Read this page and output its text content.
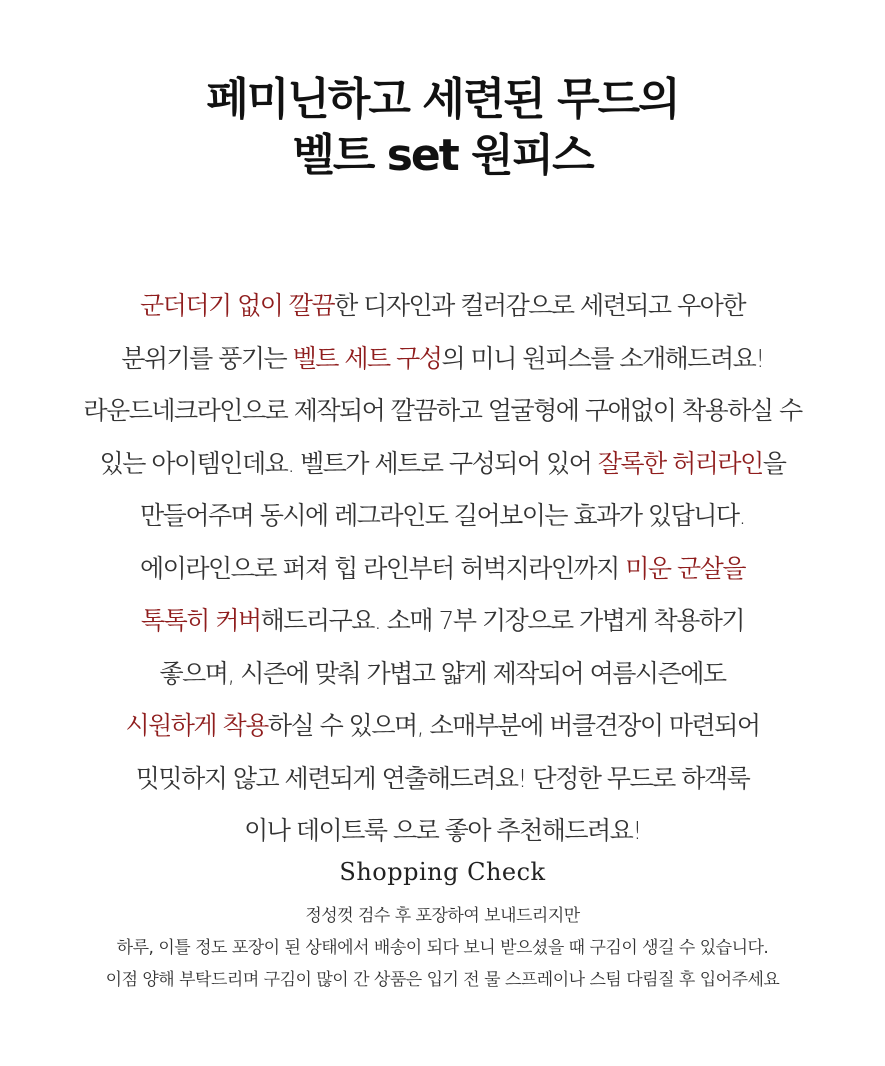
페미닌하고 세련된 무드의
벨트 set 원피스
군더더기 없이 깔끔한 디자인과 컬러감으로 세련되고 우아한
분위기를 풍기는 벨트 세트 구성의 미니 원피스를 소개해드려요!
라운드네크라인으로 제작되어 깔끔하고 얼굴형에 구애없이 착용하실 수
있는 아이템인데요. 벨트가 세트로 구성되어 있어 잘록한 허리라인을
만들어주며 동시에 레그라인도 길어보이는 효과가 있답니다.
에이라인으로 퍼져 힙 라인부터 허벅지라인까지 미운 군살을
톡톡히 커버해드리구요. 소매 7부 기장으로 가볍게 착용하기
좋으며, 시즌에 맞춰 가볍고 얇게 제작되어 여름시즌에도
시원하게 착용하실 수 있으며, 소매부분에 버클견장이 마련되어
밋밋하지 않고 세련되게 연출해드려요! 단정한 무드로 하객룩
이나 데이트룩 으로 좋아 추천해드려요!
Shopping Check
정성껏 검수 후 포장하여 보내드리지만
하루, 이틀 정도 포장이 된 상태에서 배송이 되다 보니 받으셨을 때 구김이 생길 수 있습니다.
이점 양해 부탁드리며 구김이 많이 간 상품은 입기 전 물 스프레이나 스팀 다림질 후 입어주세요
